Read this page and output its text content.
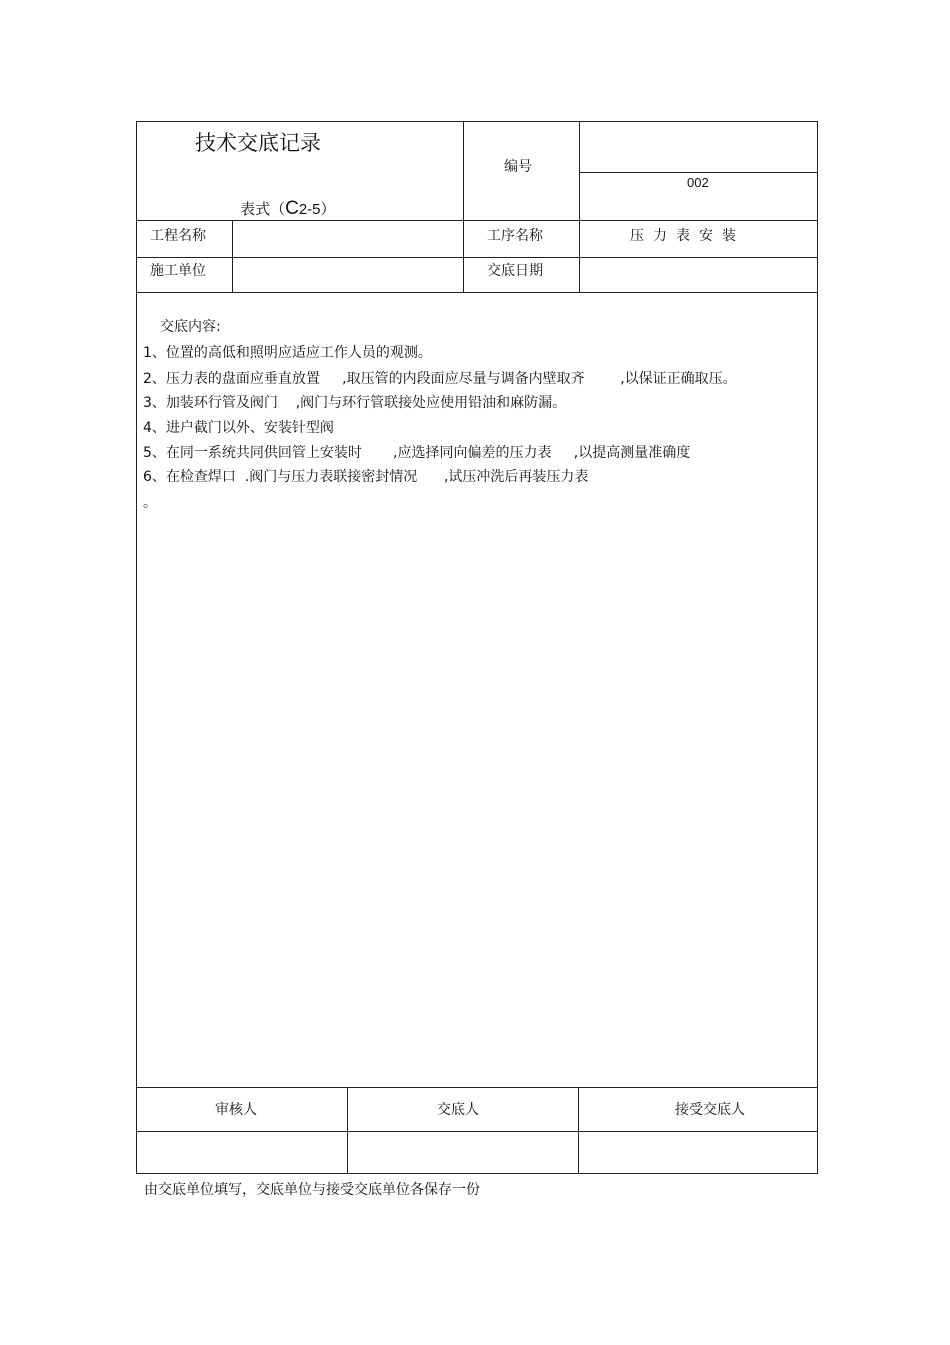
技术交底记录

表式（C2-5）

编号
002
工程名称	工序名称	压力表安装
施工单位	交底日期
交底内容:
1、位置的高低和照明应适应工作人员的观测。
2、压力表的盘面应垂直放置     ,取压管的内段面应尽量与调备内壁取齐        ,以保证正确取压。
3、加装环行管及阀门    ,阀门与环行管联接处应使用铅油和麻防漏。
4、进户截门以外、安装针型阀
5、在同一系统共同供回管上安装时       ,应选择同向偏差的压力表     ,以提高测量准确度
6、在检查焊口  .阀门与压力表联接密封情况      ,试压冲洗后再装压力表
。
审核人	交底人	接受交底人
由交底单位填写，交底单位与接受交底单位各保存一份
